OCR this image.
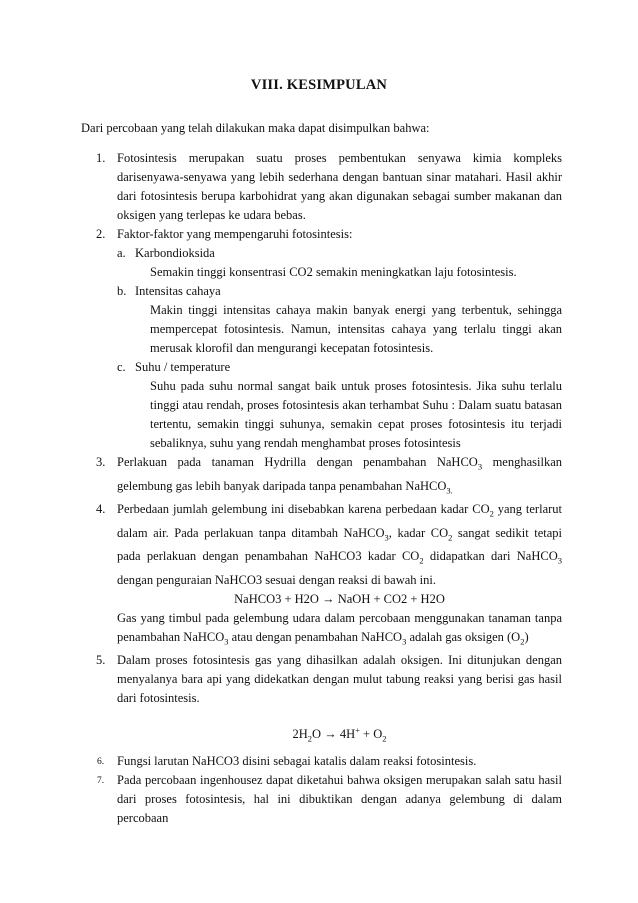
VIII. KESIMPULAN
Dari percobaan yang telah dilakukan maka dapat disimpulkan bahwa:
1. Fotosintesis merupakan suatu proses pembentukan senyawa kimia kompleks darisenyawa-senyawa yang lebih sederhana dengan bantuan sinar matahari. Hasil akhir dari fotosintesis berupa karbohidrat yang akan digunakan sebagai sumber makanan dan oksigen yang terlepas ke udara bebas.
2. Faktor-faktor yang mempengaruhi fotosintesis:
a. Karbondioksida
Semakin tinggi konsentrasi CO2 semakin meningkatkan laju fotosintesis.
b. Intensitas cahaya
Makin tinggi intensitas cahaya makin banyak energi yang terbentuk, sehingga mempercepat fotosintesis. Namun, intensitas cahaya yang terlalu tinggi akan merusak klorofil dan mengurangi kecepatan fotosintesis.
c. Suhu / temperature
Suhu pada suhu normal sangat baik untuk proses fotosintesis. Jika suhu terlalu tinggi atau rendah, proses fotosintesis akan terhambat Suhu : Dalam suatu batasan tertentu, semakin tinggi suhunya, semakin cepat proses fotosintesis itu terjadi sebaliknya, suhu yang rendah menghambat proses fotosintesis
3. Perlakuan pada tanaman Hydrilla dengan penambahan NaHCO$_3$ menghasilkan gelembung gas lebih banyak daripada tanpa penambahan NaHCO$_{3.}$
4. Perbedaan jumlah gelembung ini disebabkan karena perbedaan kadar $CO_2$ yang terlarut dalam air. Pada perlakuan tanpa ditambah NaHCO$_3$, kadar $CO_2$ sangat sedikit tetapi pada perlakuan dengan penambahan NaHCO3 kadar $CO_2$ didapatkan dari NaHCO$_3$ dengan penguraian NaHCO3 sesuai dengan reaksi di bawah ini.
NaHCO3 + H2O → NaOH + CO2 + H2O
Gas yang timbul pada gelembung udara dalam percobaan menggunakan tanaman tanpa penambahan NaHCO$_3$ atau dengan penambahan NaHCO$_3$ adalah gas oksigen $(O_2)$
5. Dalam proses fotosintesis gas yang dihasilkan adalah oksigen. Ini ditunjukan dengan menyalanya bara api yang didekatkan dengan mulut tabung reaksi yang berisi gas hasil dari fotosintesis.
$2H_2O \to 4H^+ + O_2$
6. Fungsi larutan NaHCO3 disini sebagai katalis dalam reaksi fotosintesis.
7. Pada percobaan ingenhousez dapat diketahui bahwa oksigen merupakan salah satu hasil dari proses fotosintesis, hal ini dibuktikan dengan adanya gelembung di dalam percobaan
